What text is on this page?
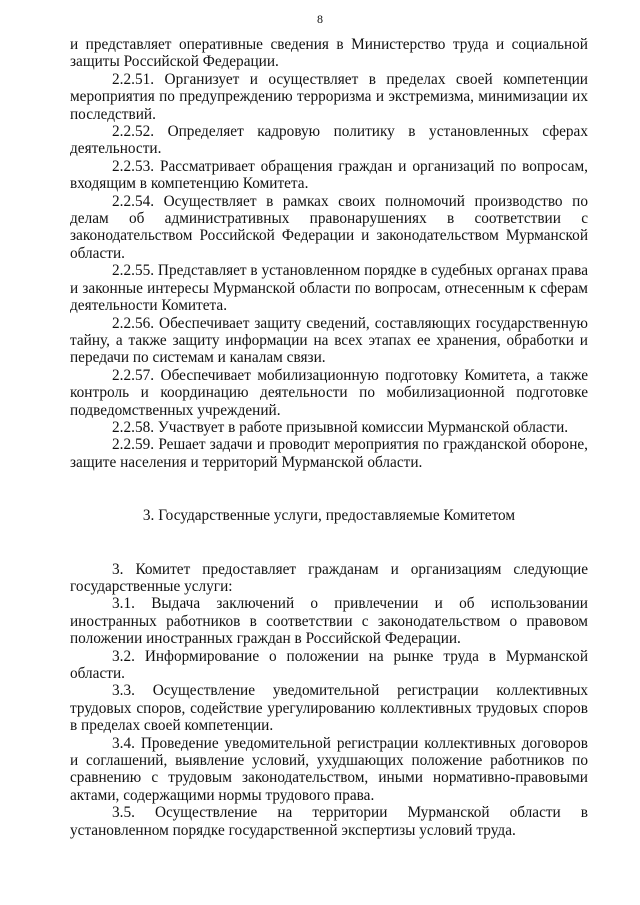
8

и представляет оперативные сведения в Министерство труда и социальной защиты Российской Федерации.

2.2.51. Организует и осуществляет в пределах своей компетенции мероприятия по предупреждению терроризма и экстремизма, минимизации их последствий.

2.2.52. Определяет кадровую политику в установленных сферах деятельности.

2.2.53. Рассматривает обращения граждан и организаций по вопросам, входящим в компетенцию Комитета.

2.2.54. Осуществляет в рамках своих полномочий производство по делам об административных правонарушениях в соответствии с законодательством Российской Федерации и законодательством Мурманской области.

2.2.55. Представляет в установленном порядке в судебных органах права и законные интересы Мурманской области по вопросам, отнесенным к сферам деятельности Комитета.

2.2.56. Обеспечивает защиту сведений, составляющих государственную тайну, а также защиту информации на всех этапах ее хранения, обработки и передачи по системам и каналам связи.

2.2.57. Обеспечивает мобилизационную подготовку Комитета, а также контроль и координацию деятельности по мобилизационной подготовке подведомственных учреждений.

2.2.58. Участвует в работе призывной комиссии Мурманской области.

2.2.59. Решает задачи и проводит мероприятия по гражданской обороне, защите населения и территорий Мурманской области.

3. Государственные услуги, предоставляемые Комитетом

3. Комитет предоставляет гражданам и организациям следующие государственные услуги:

3.1. Выдача заключений о привлечении и об использовании иностранных работников в соответствии с законодательством о правовом положении иностранных граждан в Российской Федерации.

3.2. Информирование о положении на рынке труда в Мурманской области.

3.3. Осуществление уведомительной регистрации коллективных трудовых споров, содействие урегулированию коллективных трудовых споров в пределах своей компетенции.

3.4. Проведение уведомительной регистрации коллективных договоров и соглашений, выявление условий, ухудшающих положение работников по сравнению с трудовым законодательством, иными нормативно-правовыми актами, содержащими нормы трудового права.

3.5. Осуществление на территории Мурманской области в установленном порядке государственной экспертизы условий труда.
